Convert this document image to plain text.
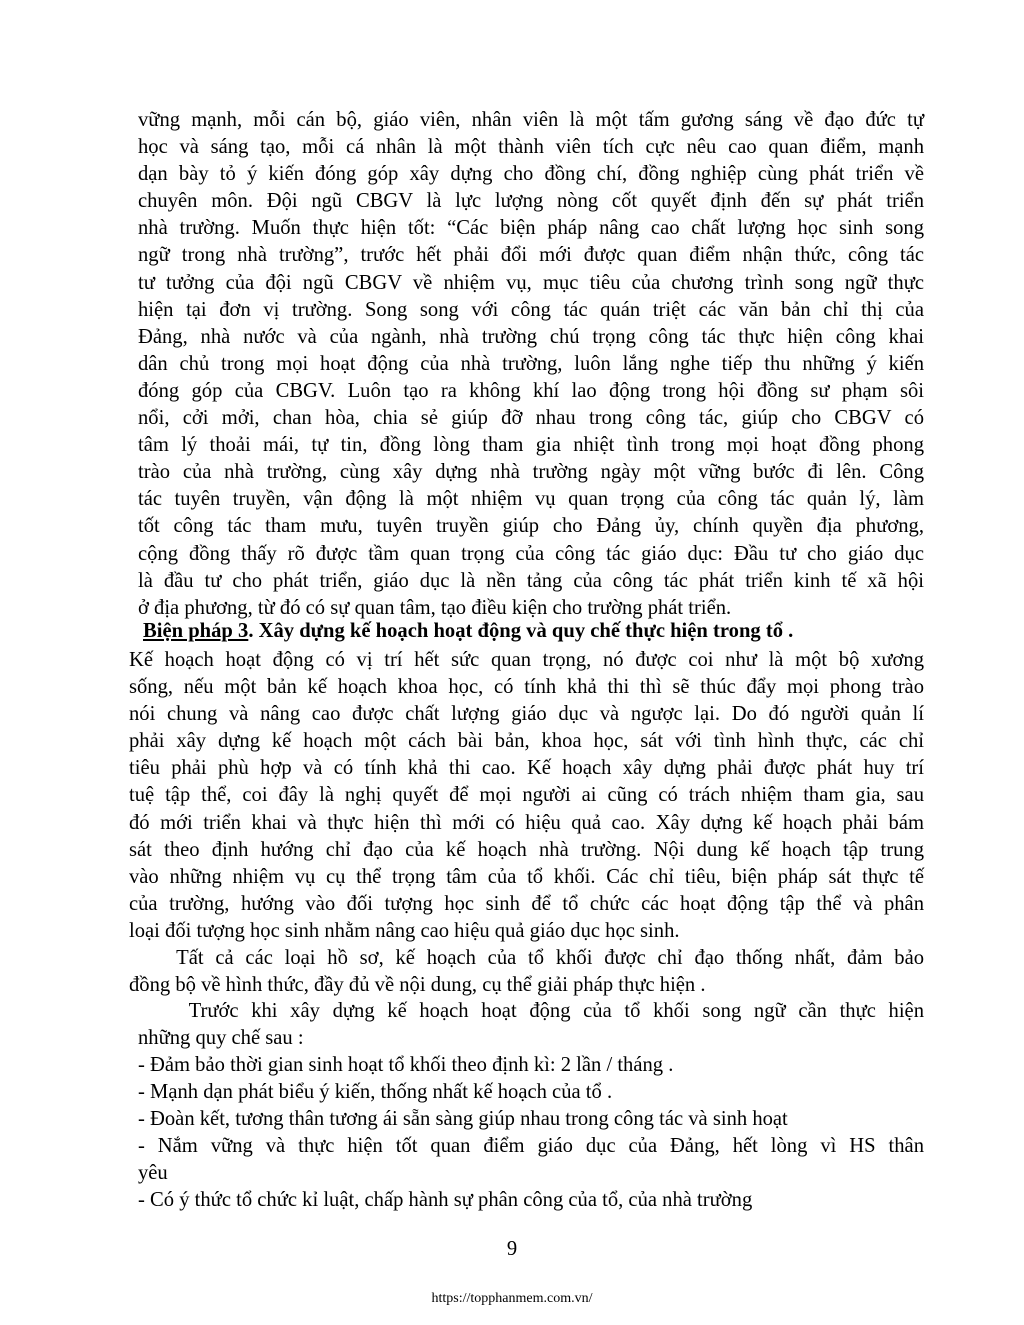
vững mạnh, mỗi cán bộ, giáo viên, nhân viên là một tấm gương sáng về đạo đức tự
học và sáng tạo, mỗi cá nhân là một thành viên tích cực nêu cao quan điểm, mạnh
dạn bày tỏ ý kiến đóng góp xây dựng cho đồng chí, đồng nghiệp cùng phát triển về
chuyên môn. Đội ngũ CBGV là lực lượng nòng cốt quyết định đến sự phát triển
nhà trường. Muốn thực hiện tốt: “Các biện pháp nâng cao chất lượng học sinh song
ngữ trong nhà trường”, trước hết phải đổi mới được quan điểm nhận thức, công tác
tư tưởng của đội ngũ CBGV về nhiệm vụ, mục tiêu của chương trình song ngữ thực
hiện tại đơn vị trường. Song song với công tác quán triệt các văn bản chỉ thị của
Đảng, nhà nước và của ngành, nhà trường chú trọng công tác thực hiện công khai
dân chủ trong mọi hoạt động của nhà trường, luôn lắng nghe tiếp thu những ý kiến
đóng góp của CBGV. Luôn tạo ra không khí lao động trong hội đồng sư phạm sôi
nổi, cởi mởi, chan hòa, chia sẻ giúp đỡ nhau trong công tác, giúp cho CBGV có
tâm lý thoải mái, tự tin, đồng lòng tham gia nhiệt tình trong mọi hoạt đồng phong
trào của nhà trường, cùng xây dựng nhà trường ngày một vững bước đi lên. Công
tác tuyên truyền, vận động là một nhiệm vụ quan trọng của công tác quản lý, làm
tốt công tác tham mưu, tuyên truyền giúp cho Đảng ủy, chính quyền địa phương,
cộng đồng thấy rõ được tầm quan trọng của công tác giáo dục: Đầu tư cho giáo dục
là đầu tư cho phát triển, giáo dục là nền tảng của công tác phát triển kinh tế xã hội
ở địa phương, từ đó có sự quan tâm, tạo điều kiện cho trường phát triển.
Biện pháp 3. Xây dựng kế hoạch hoạt động và quy chế thực hiện trong tổ .
Kế hoạch hoạt động có vị trí hết sức quan trọng, nó được coi như là một bộ xương
sống, nếu một bản kế hoạch khoa học, có tính khả thi thì sẽ thúc đẩy mọi phong trào
nói chung và nâng cao được chất lượng giáo dục và ngược lại. Do đó người quản lí
phải xây dựng kế hoạch một cách bài bản, khoa học, sát với tình hình thực, các chỉ
tiêu phải phù hợp và có tính khả thi cao. Kế hoạch xây dựng phải được phát huy trí
tuệ tập thể, coi đây là nghị quyết để mọi người ai cũng có trách nhiệm tham gia, sau
đó mới triển khai và thực hiện thì mới có hiệu quả cao. Xây dựng kế hoạch phải bám
sát theo định hướng chỉ đạo của kế hoạch nhà trường. Nội dung kế hoạch tập trung
vào những nhiệm vụ cụ thể trọng tâm của tổ khối. Các chỉ tiêu, biện pháp sát thực tế
của trường, hướng vào đối tượng học sinh để tổ chức các hoạt động tập thể và phân
loại đối tượng học sinh nhằm nâng cao hiệu quả giáo dục học sinh.
Tất cả các loại hồ sơ, kế hoạch của tổ khối được chỉ đạo thống nhất, đảm bảo
đồng bộ về hình thức, đầy đủ về nội dung, cụ thể giải pháp thực hiện .
Trước khi xây dựng kế hoạch hoạt động của tổ khối song ngữ cần thực hiện
những quy chế sau :
- Đảm bảo thời gian sinh hoạt tổ khối theo định kì: 2 lần / tháng .
- Mạnh dạn phát biểu ý kiến, thống nhất kế hoạch của tổ .
- Đoàn kết, tương thân tương ái sẵn sàng giúp nhau trong công tác và sinh hoạt
- Nắm vững và thực hiện tốt quan điểm giáo dục của Đảng, hết lòng vì HS thân
yêu
- Có ý thức tổ chức kỉ luật, chấp hành sự phân công của tổ, của nhà trường
9
https://topphanmem.com.vn/
